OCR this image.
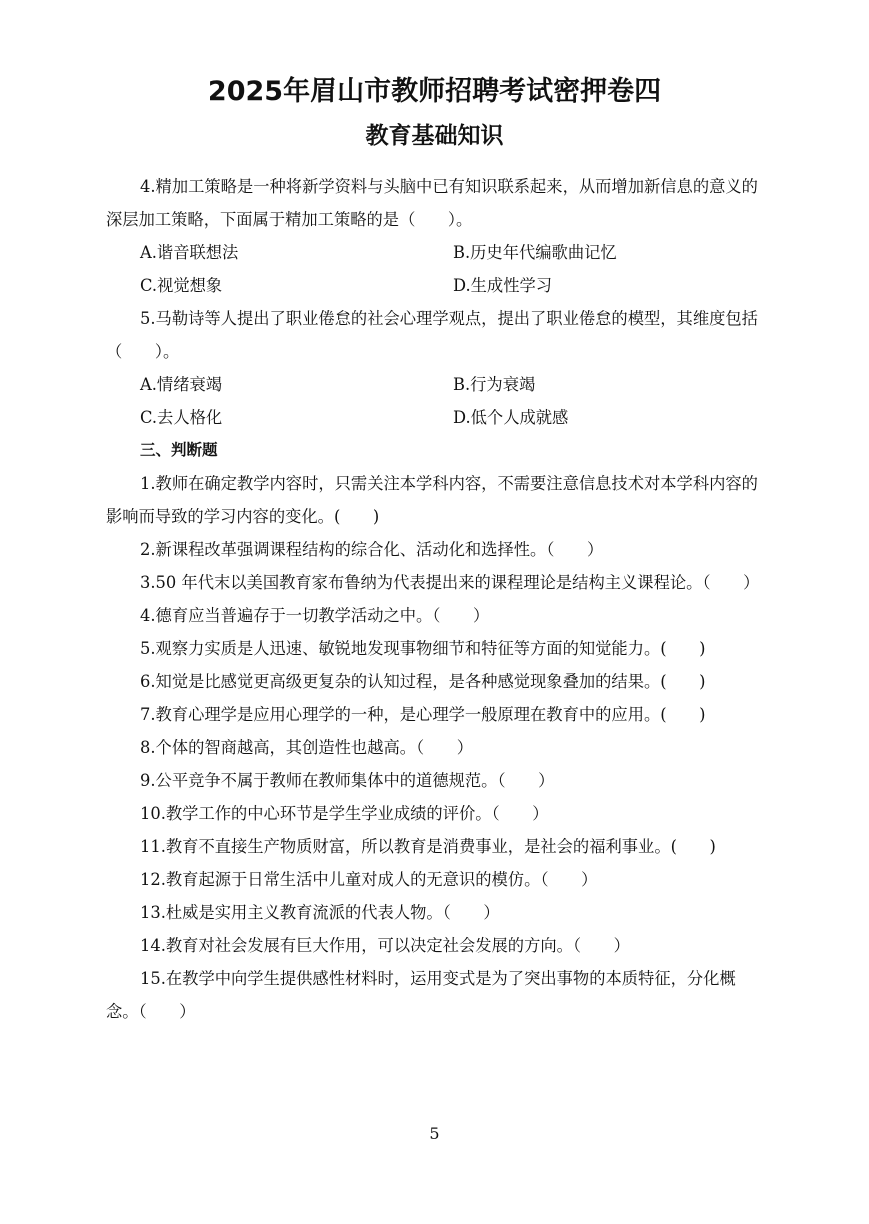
2025年眉山市教师招聘考试密押卷四
教育基础知识

4.精加工策略是一种将新学资料与头脑中已有知识联系起来，从而增加新信息的意义的深层加工策略，下面属于精加工策略的是（　　）。

A.谐音联想法	B.历史年代编歌曲记忆
C.视觉想象	D.生成性学习

5.马勒诗等人提出了职业倦怠的社会心理学观点，提出了职业倦怠的模型，其维度包括（　　）。

A.情绪衰竭	B.行为衰竭
C.去人格化	D.低个人成就感

三、判断题

1.教师在确定教学内容时，只需关注本学科内容，不需要注意信息技术对本学科内容的影响而导致的学习内容的变化。(　　)

2.新课程改革强调课程结构的综合化、活动化和选择性。（　　）

3.50 年代末以美国教育家布鲁纳为代表提出来的课程理论是结构主义课程论。（　　）

4.德育应当普遍存于一切教学活动之中。（　　）

5.观察力实质是人迅速、敏锐地发现事物细节和特征等方面的知觉能力。(　　)

6.知觉是比感觉更高级更复杂的认知过程，是各种感觉现象叠加的结果。(　　)

7.教育心理学是应用心理学的一种，是心理学一般原理在教育中的应用。(　　)

8.个体的智商越高，其创造性也越高。（　　）

9.公平竞争不属于教师在教师集体中的道德规范。（　　）

10.教学工作的中心环节是学生学业成绩的评价。（　　）

11.教育不直接生产物质财富，所以教育是消费事业，是社会的福利事业。(　　)

12.教育起源于日常生活中儿童对成人的无意识的模仿。（　　）

13.杜威是实用主义教育流派的代表人物。（　　）

14.教育对社会发展有巨大作用，可以决定社会发展的方向。（　　）

15.在教学中向学生提供感性材料时，运用变式是为了突出事物的本质特征，分化概念。（　　）

5
